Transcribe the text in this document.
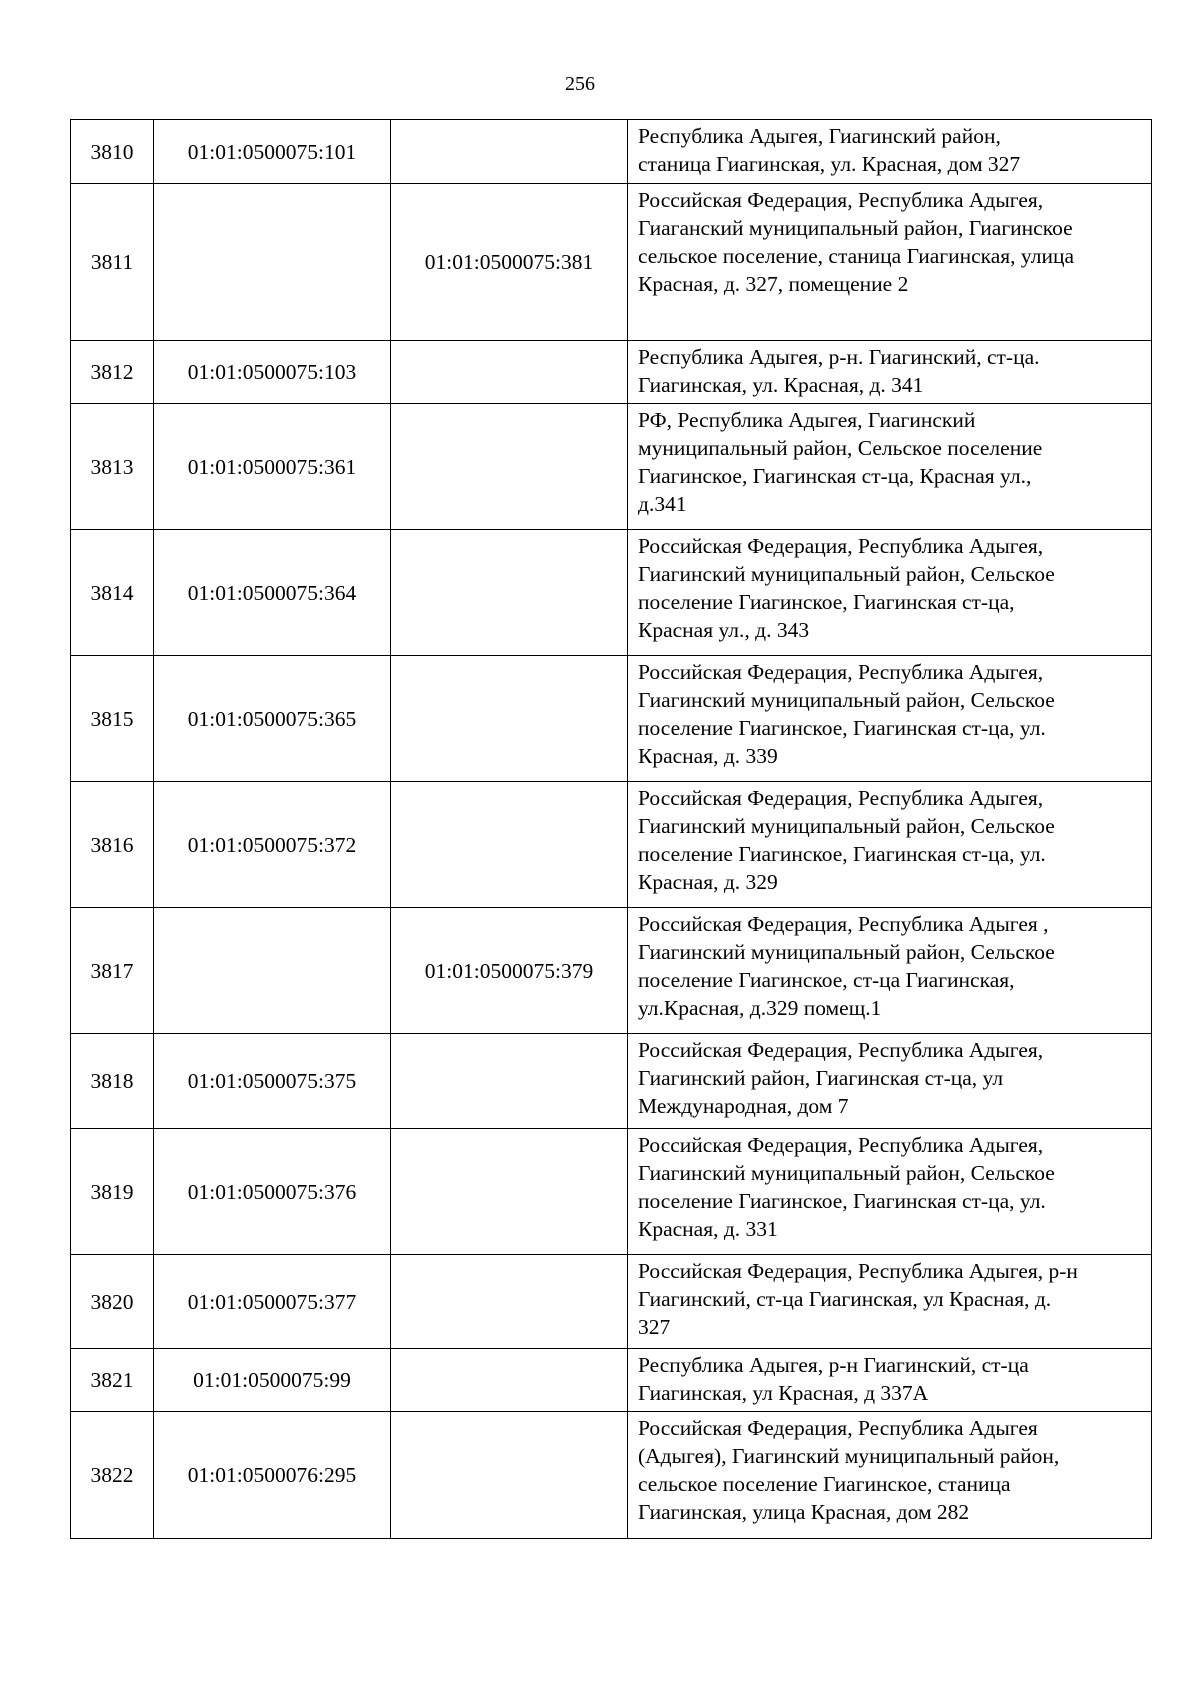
256
3810	01:01:0500075:101		Республика Адыгея, Гиагинский район,
станица Гиагинская, ул. Красная, дом 327

3811		01:01:0500075:381	Российская Федерация, Республика Адыгея,
Гиаганский муниципальный район, Гиагинское
сельское поселение, станица Гиагинская, улица
Красная, д. 327, помещение 2

3812	01:01:0500075:103		Республика Адыгея, р-н. Гиагинский, ст-ца.
Гиагинская, ул. Красная, д. 341

3813	01:01:0500075:361		РФ, Республика Адыгея, Гиагинский
муниципальный район, Сельское поселение
Гиагинское, Гиагинская ст-ца, Красная ул.,
д.341

3814	01:01:0500075:364		Российская Федерация, Республика Адыгея,
Гиагинский муниципальный район, Сельское
поселение Гиагинское, Гиагинская ст-ца,
Красная ул., д. 343

3815	01:01:0500075:365		Российская Федерация, Республика Адыгея,
Гиагинский муниципальный район, Сельское
поселение Гиагинское, Гиагинская ст-ца, ул.
Красная, д. 339

3816	01:01:0500075:372		Российская Федерация, Республика Адыгея,
Гиагинский муниципальный район, Сельское
поселение Гиагинское, Гиагинская ст-ца, ул.
Красная, д. 329

3817		01:01:0500075:379	Российская Федерация, Республика Адыгея ,
Гиагинский муниципальный район, Сельское
поселение Гиагинское, ст-ца Гиагинская,
ул.Красная, д.329 помещ.1

3818	01:01:0500075:375		Российская Федерация, Республика Адыгея,
Гиагинский район, Гиагинская ст-ца, ул
Международная, дом 7

3819	01:01:0500075:376		Российская Федерация, Республика Адыгея,
Гиагинский муниципальный район, Сельское
поселение Гиагинское, Гиагинская ст-ца, ул.
Красная, д. 331

3820	01:01:0500075:377		Российская Федерация, Республика Адыгея, р-н
Гиагинский, ст-ца Гиагинская, ул Красная, д.
327

3821	01:01:0500075:99		Республика Адыгея, р-н Гиагинский, ст-ца
Гиагинская, ул Красная, д 337А

3822	01:01:0500076:295		Российская Федерация, Республика Адыгея
(Адыгея), Гиагинский муниципальный район,
сельское поселение Гиагинское, станица
Гиагинская, улица Красная, дом 282
